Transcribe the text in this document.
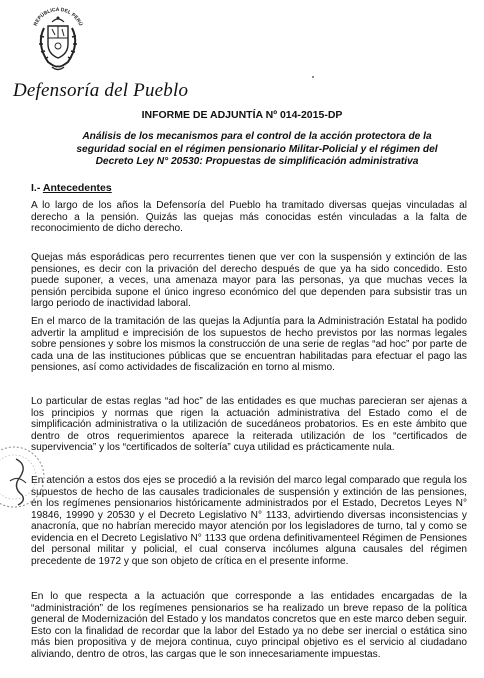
REPÚBLICA DEL PERÚ
Defensoría del Pueblo
INFORME DE ADJUNTÍA Nº 014-2015-DP
Análisis de los mecanismos para el control de la acción protectora de la seguridad social en el régimen pensionario Militar-Policial y el régimen del Decreto Ley N° 20530: Propuestas de simplificación administrativa
I.- Antecedentes
A lo largo de los años la Defensoría del Pueblo ha tramitado diversas quejas vinculadas al derecho a la pensión. Quizás las quejas más conocidas estén vinculadas a la falta de reconocimiento de dicho derecho.
Quejas más esporádicas pero recurrentes tienen que ver con la suspensión y extinción de las pensiones, es decir con la privación del derecho después de que ya ha sido concedido. Esto puede suponer, a veces, una amenaza mayor para las personas, ya que muchas veces la pensión percibida supone el único ingreso económico del que dependen para subsistir tras un largo periodo de inactividad laboral.
En el marco de la tramitación de las quejas la Adjuntía para la Administración Estatal ha podido advertir la amplitud e imprecisión de los supuestos de hecho previstos por las normas legales sobre pensiones y sobre los mismos la construcción de una serie de reglas “ad hoc” por parte de cada una de las instituciones públicas que se encuentran habilitadas para efectuar el pago las pensiones, así como actividades de fiscalización en torno al mismo.
Lo particular de estas reglas “ad hoc” de las entidades es que muchas parecieran ser ajenas a los principios y normas que rigen la actuación administrativa del Estado como el de simplificación administrativa o la utilización de sucedáneos probatorios. Es en este ámbito que dentro de otros requerimientos aparece la reiterada utilización de los “certificados de supervivencia” y los “certificados de soltería” cuya utilidad es prácticamente nula.
En atención a estos dos ejes se procedió a la revisión del marco legal comparado que regula los supuestos de hecho de las causales tradicionales de suspensión y extinción de las pensiones, en los regímenes pensionarios históricamente administrados por el Estado, Decretos Leyes N° 19846, 19990 y 20530 y el Decreto Legislativo N° 1133, advirtiendo diversas inconsistencias y anacronía, que no habrían merecido mayor atención por los legisladores de turno, tal y como se evidencia en el Decreto Legislativo N° 1133 que ordena definitivamenteel Régimen de Pensiones del personal militar y policial, el cual conserva incólumes alguna causales del régimen precedente de 1972 y que son objeto de crítica en el presente informe.
En lo que respecta a la actuación que corresponde a las entidades encargadas de la “administración” de los regímenes pensionarios se ha realizado un breve repaso de la política general de Modernización del Estado y los mandatos concretos que en este marco deben seguir. Esto con la finalidad de recordar que la labor del Estado ya no debe ser inercial o estática sino más bien propositiva y de mejora continua, cuyo principal objetivo es el servicio al ciudadano aliviando, dentro de otros, las cargas que le son innecesariamente impuestas.
